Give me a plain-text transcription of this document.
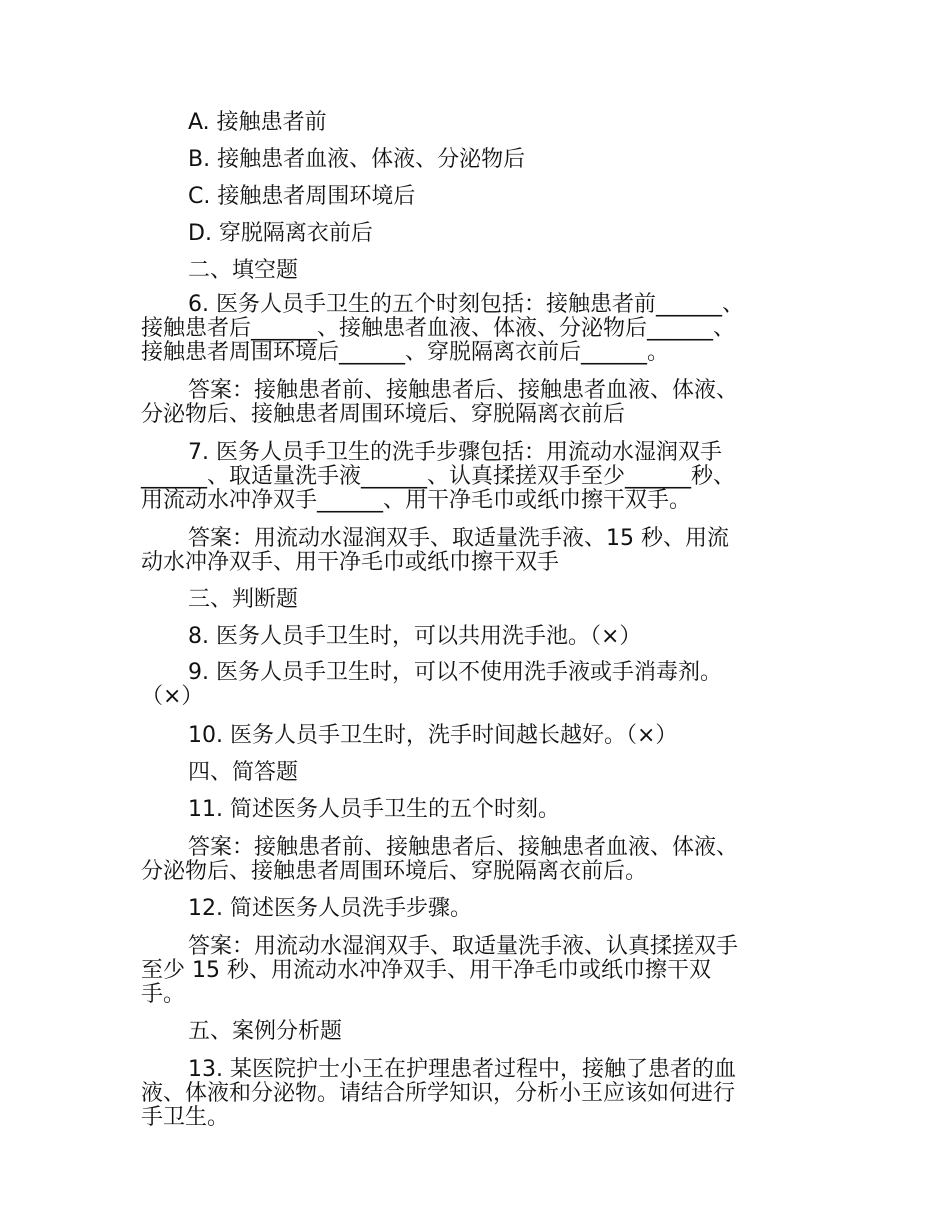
A. 接触患者前
B. 接触患者血液、体液、分泌物后
C. 接触患者周围环境后
D. 穿脱隔离衣前后
二、填空题
6. 医务人员手卫生的五个时刻包括：接触患者前______、
接触患者后______、接触患者血液、体液、分泌物后______、
接触患者周围环境后______、穿脱隔离衣前后______。
答案：接触患者前、接触患者后、接触患者血液、体液、
分泌物后、接触患者周围环境后、穿脱隔离衣前后
7. 医务人员手卫生的洗手步骤包括：用流动水湿润双手
______、取适量洗手液______、认真揉搓双手至少______秒、
用流动水冲净双手______、用干净毛巾或纸巾擦干双手。
答案：用流动水湿润双手、取适量洗手液、15 秒、用流
动水冲净双手、用干净毛巾或纸巾擦干双手
三、判断题
8. 医务人员手卫生时，可以共用洗手池。（×）
9. 医务人员手卫生时，可以不使用洗手液或手消毒剂。
（×）
10. 医务人员手卫生时，洗手时间越长越好。（×）
四、简答题
11. 简述医务人员手卫生的五个时刻。
答案：接触患者前、接触患者后、接触患者血液、体液、
分泌物后、接触患者周围环境后、穿脱隔离衣前后。
12. 简述医务人员洗手步骤。
答案：用流动水湿润双手、取适量洗手液、认真揉搓双手
至少 15 秒、用流动水冲净双手、用干净毛巾或纸巾擦干双
手。
五、案例分析题
13. 某医院护士小王在护理患者过程中，接触了患者的血
液、体液和分泌物。请结合所学知识，分析小王应该如何进行
手卫生。
